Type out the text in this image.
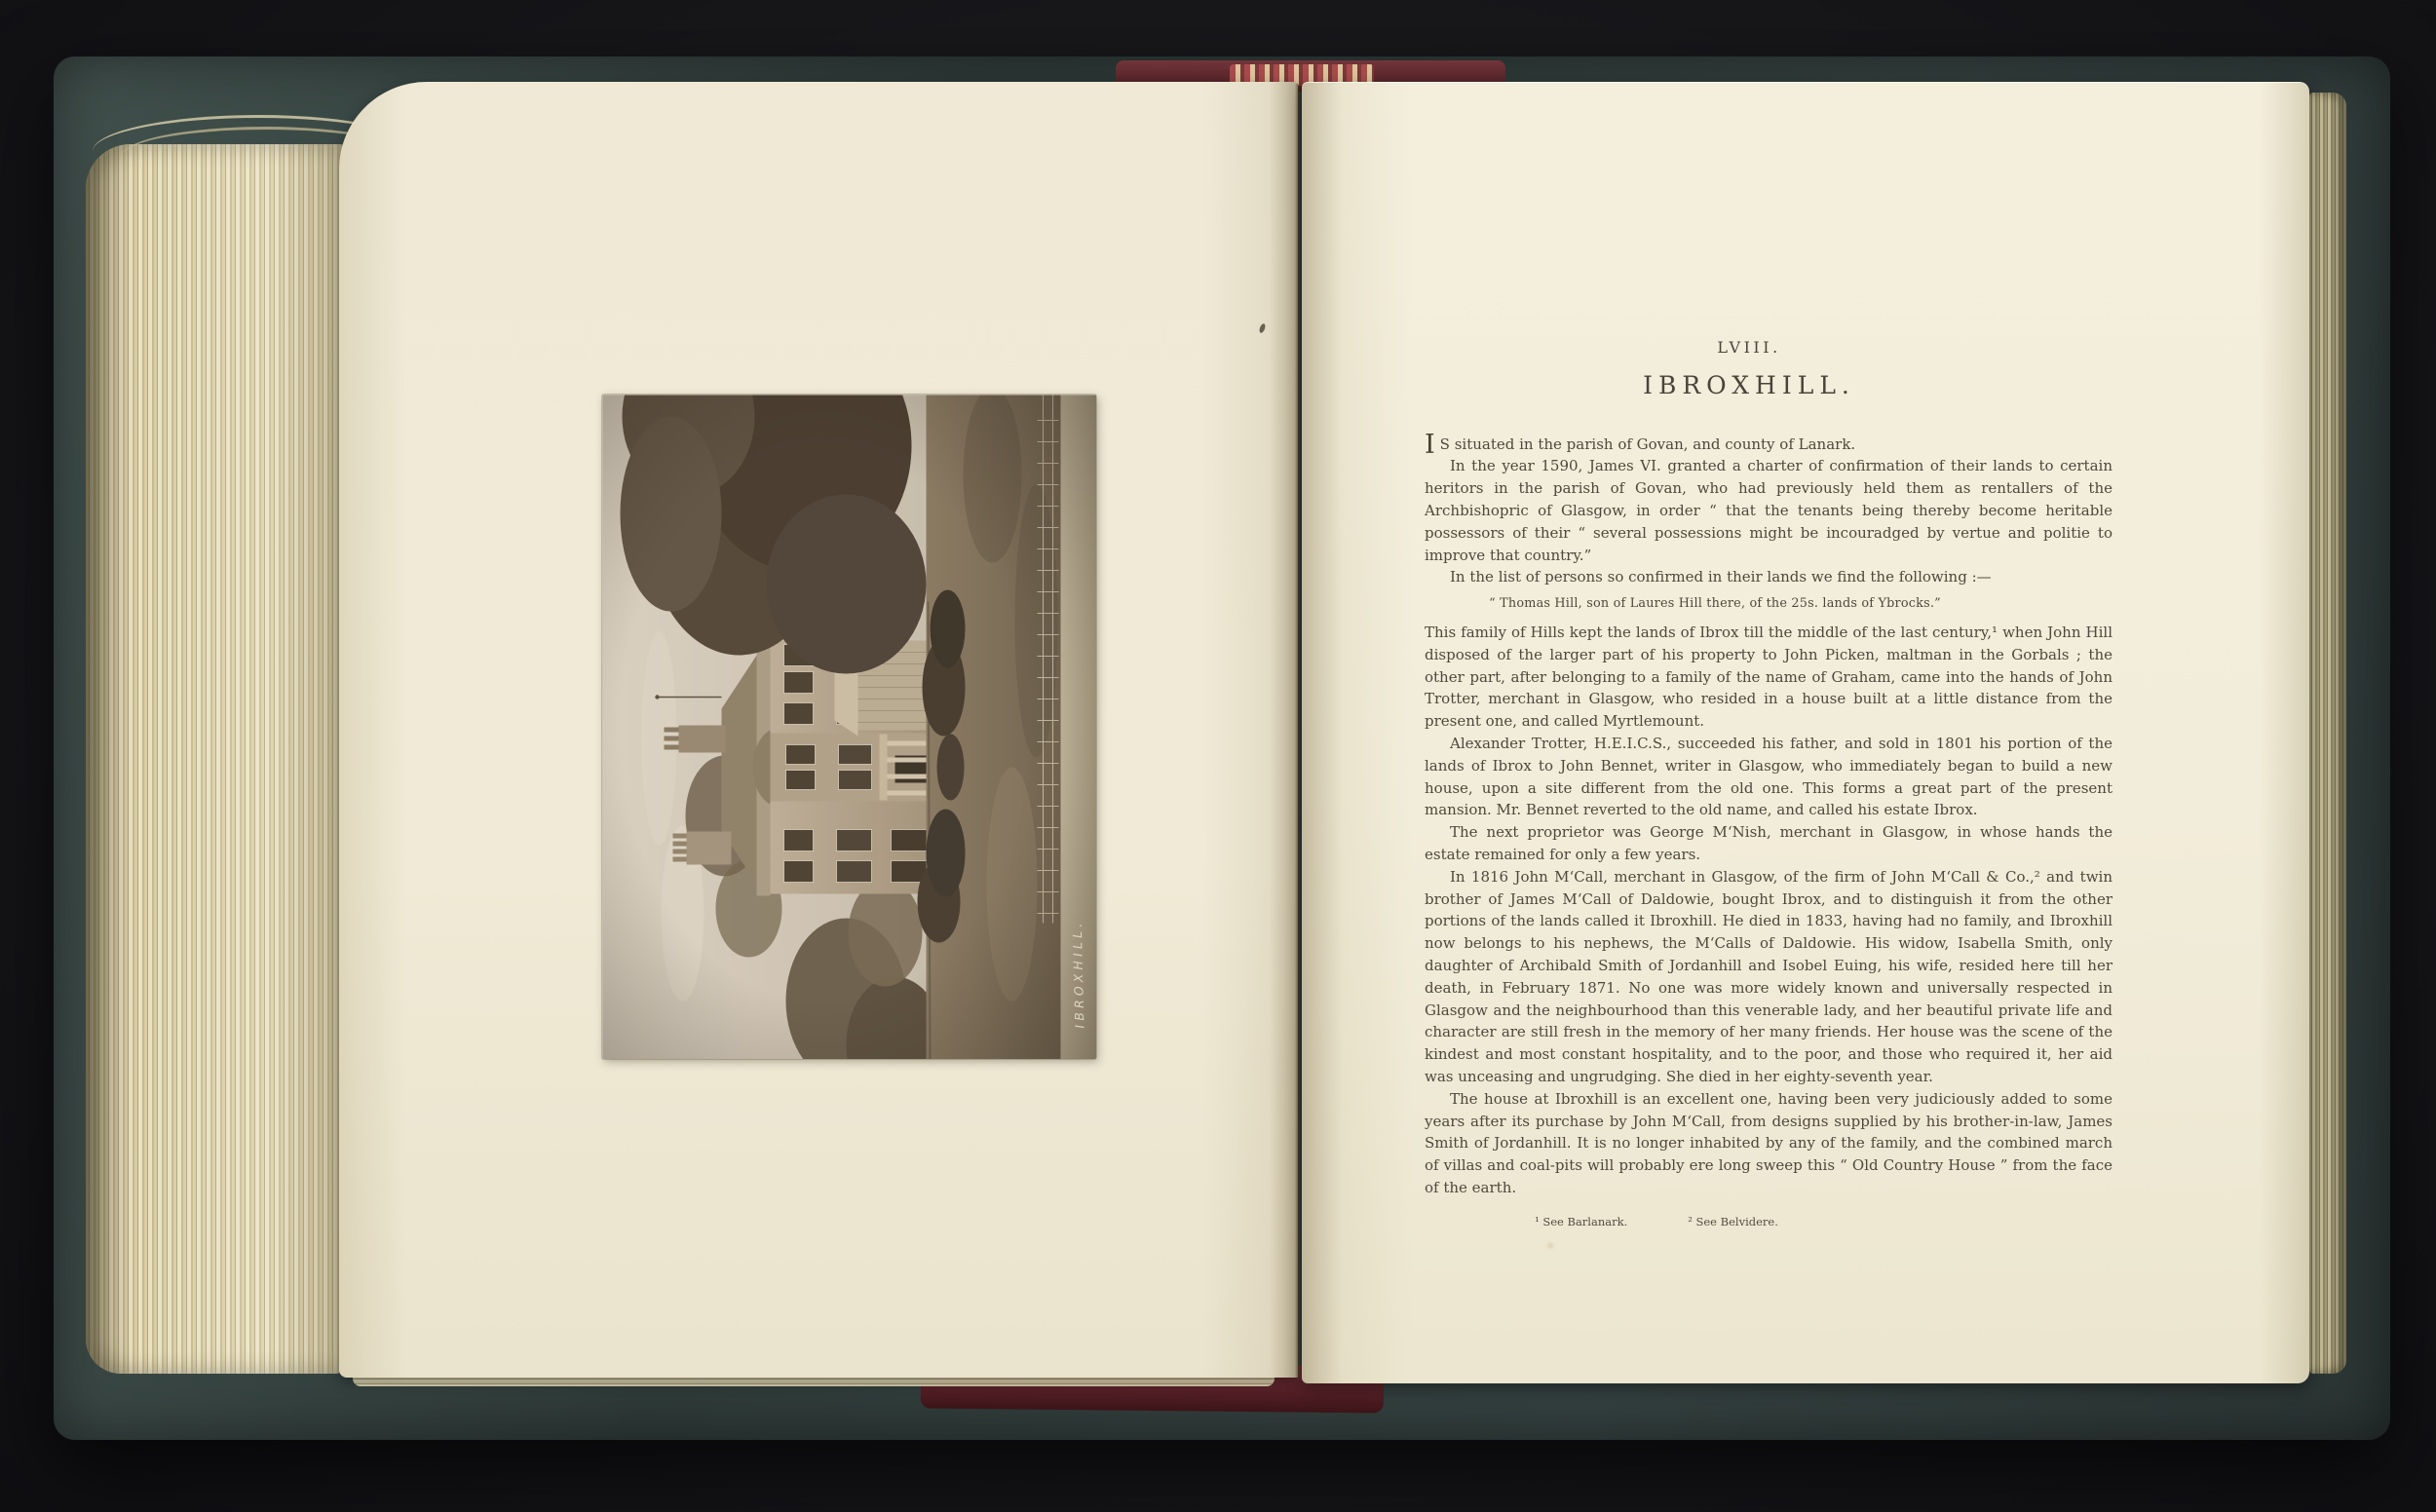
IBROXHILL.
LVIII.
IBROXHILL.

I S situated in the parish of Govan, and county of Lanark.

In the year 1590, James VI. granted a charter of confirmation of their lands to certain heritors in the parish of Govan, who had previously held them as rentallers of the Archbishopric of Glasgow, in order “ that the tenants being thereby become heritable possessors of their “ several possessions might be incouradged by vertue and politie to improve that country.”

In the list of persons so confirmed in their lands we find the following :—

“ Thomas Hill, son of Laures Hill there, of the 25s. lands of Ybrocks.”

This family of Hills kept the lands of Ibrox till the middle of the last century,¹ when John Hill disposed of the larger part of his property to John Picken, maltman in the Gorbals ; the other part, after belonging to a family of the name of Graham, came into the hands of John Trotter, merchant in Glasgow, who resided in a house built at a little distance from the present one, and called Myrtlemount.

Alexander Trotter, H.E.I.C.S., succeeded his father, and sold in 1801 his portion of the lands of Ibrox to John Bennet, writer in Glasgow, who immediately began to build a new house, upon a site different from the old one. This forms a great part of the present mansion. Mr. Bennet reverted to the old name, and called his estate Ibrox.

The next proprietor was George M‘Nish, merchant in Glasgow, in whose hands the estate remained for only a few years.

In 1816 John M‘Call, merchant in Glasgow, of the firm of John M‘Call & Co.,² and twin brother of James M‘Call of Daldowie, bought Ibrox, and to distinguish it from the other portions of the lands called it Ibroxhill. He died in 1833, having had no family, and Ibroxhill now belongs to his nephews, the M‘Calls of Daldowie. His widow, Isabella Smith, only daughter of Archibald Smith of Jordanhill and Isobel Euing, his wife, resided here till her death, in February 1871. No one was more widely known and universally respected in Glasgow and the neighbourhood than this venerable lady, and her beautiful private life and character are still fresh in the memory of her many friends. Her house was the scene of the kindest and most constant hospitality, and to the poor, and those who required it, her aid was unceasing and ungrudging. She died in her eighty-seventh year.

The house at Ibroxhill is an excellent one, having been very judiciously added to some years after its purchase by John M‘Call, from designs supplied by his brother-in-law, James Smith of Jordanhill. It is no longer inhabited by any of the family, and the combined march of villas and coal-pits will probably ere long sweep this “ Old Country House ” from the face of the earth.

¹ See Barlanark.	² See Belvidere.
